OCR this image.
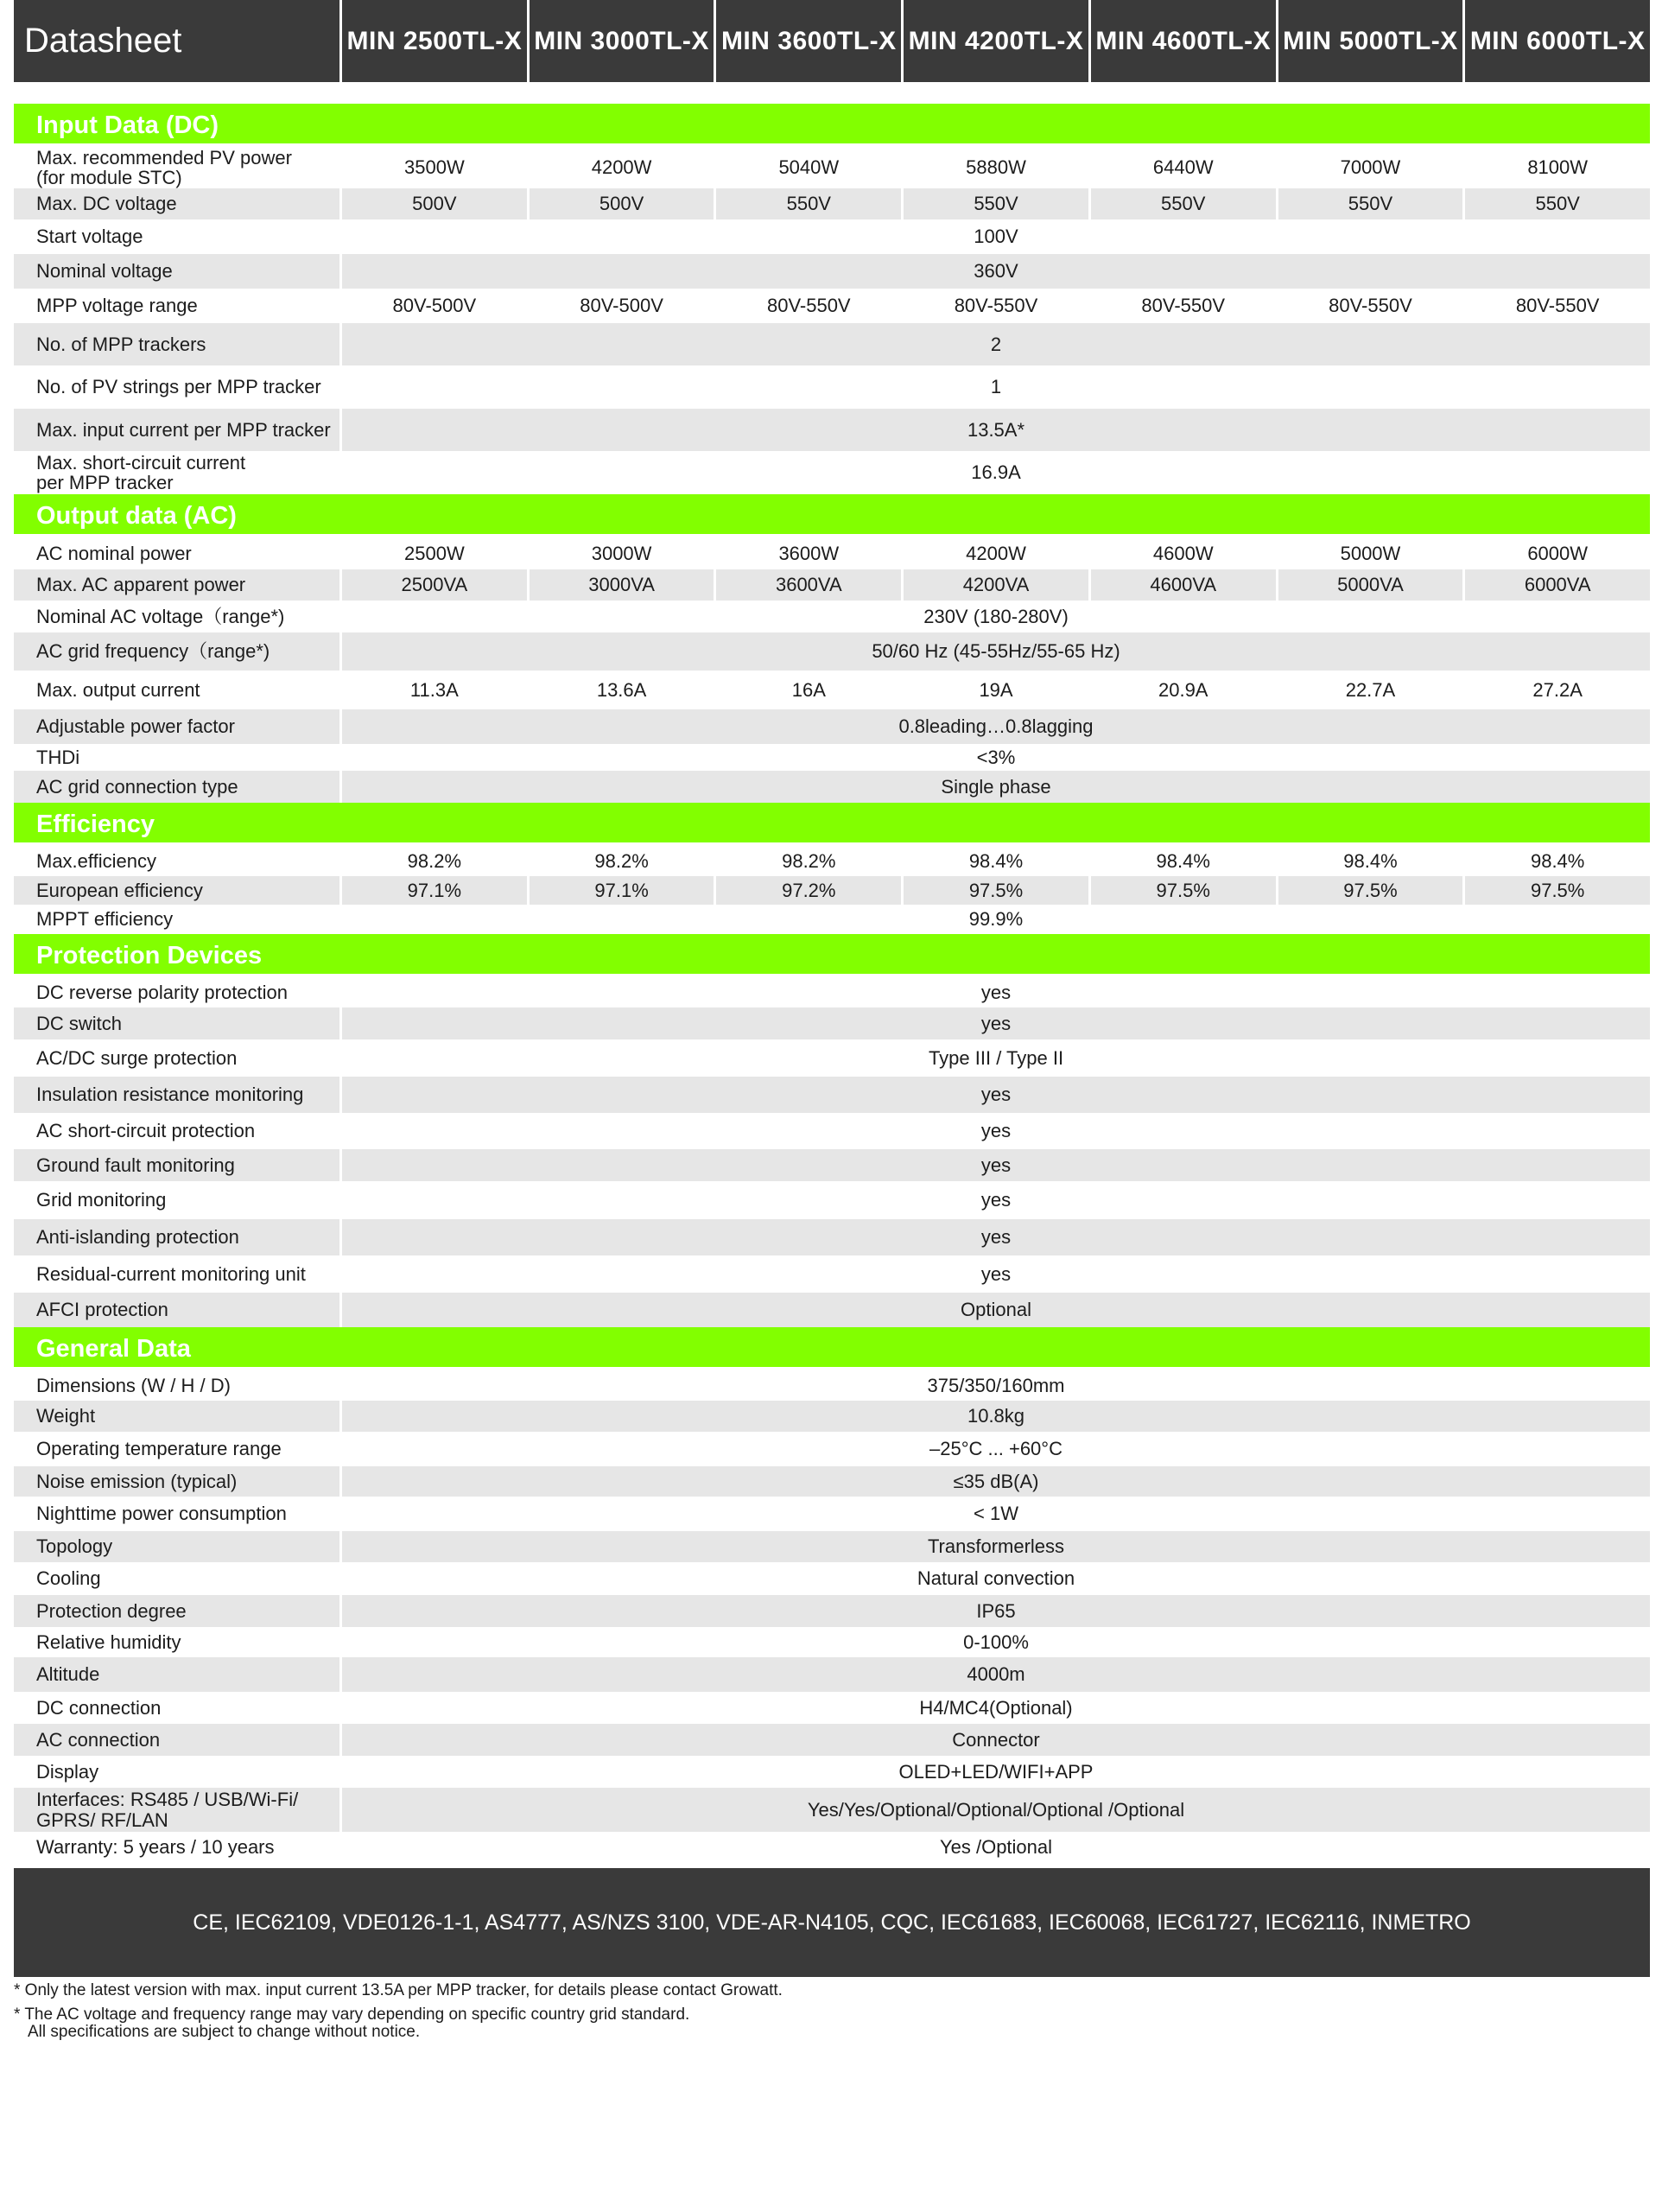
Datasheet	MIN 2500TL-X MIN 3000TL-X MIN 3600TL-X MIN 4200TL-X MIN 4600TL-X MIN 5000TL-X MIN 6000TL-X
Input Data (DC)
Max. recommended PV power
(for module STC)	3500W	4200W	5040W	5880W	6440W	7000W	8100W
Max. DC voltage	500V	500V	550V	550V	550V	550V	550V
Start voltage	100V
Nominal voltage	360V
MPP voltage range	80V-500V	80V-500V	80V-550V	80V-550V	80V-550V	80V-550V	80V-550V
No. of MPP trackers	2
No. of PV strings per MPP tracker	1
Max. input current per MPP tracker	13.5A*
Max. short-circuit current
per MPP tracker	16.9A
Output data (AC)
AC nominal power	2500W	3000W	3600W	4200W	4600W	5000W	6000W
Max. AC apparent power	2500VA	3000VA	3600VA	4200VA	4600VA	5000VA	6000VA
Nominal AC voltage（range*)	230V (180-280V)
AC grid frequency（range*)	50/60 Hz (45-55Hz/55-65 Hz)
Max. output current	11.3A	13.6A	16A	19A	20.9A	22.7A	27.2A
Adjustable power factor	0.8leading…0.8lagging
THDi	<3%
AC grid connection type	Single phase
Efficiency
Max.efficiency	98.2%	98.2%	98.2%	98.4%	98.4%	98.4%	98.4%
European efficiency	97.1%	97.1%	97.2%	97.5%	97.5%	97.5%	97.5%
MPPT efficiency	99.9%
Protection Devices
DC reverse polarity protection	yes
DC switch	yes
AC/DC surge protection	Type III / Type II
Insulation resistance monitoring	yes
AC short-circuit protection	yes
Ground fault monitoring	yes
Grid monitoring	yes
Anti-islanding protection	yes
Residual-current monitoring unit	yes
AFCI protection	Optional
General Data
Dimensions (W / H / D)	375/350/160mm
Weight	10.8kg
Operating temperature range	–25°C ... +60°C
Noise emission (typical)	≤35 dB(A)
Nighttime power consumption	< 1W
Topology	Transformerless
Cooling	Natural convection
Protection degree	IP65
Relative humidity	0-100%
Altitude	4000m
DC connection	H4/MC4(Optional)
AC connection	Connector
Display	OLED+LED/WIFI+APP
Interfaces: RS485 / USB/Wi-Fi/
GPRS/ RF/LAN	Yes/Yes/Optional/Optional/Optional /Optional
Warranty: 5 years / 10 years	Yes /Optional
CE, IEC62109, VDE0126-1-1, AS4777, AS/NZS 3100, VDE-AR-N4105, CQC, IEC61683, IEC60068, IEC61727, IEC62116, INMETRO
* Only the latest version with max. input current 13.5A per MPP tracker, for details please contact Growatt.
* The AC voltage and frequency range may vary depending on specific country grid standard.
All specifications are subject to change without notice.
